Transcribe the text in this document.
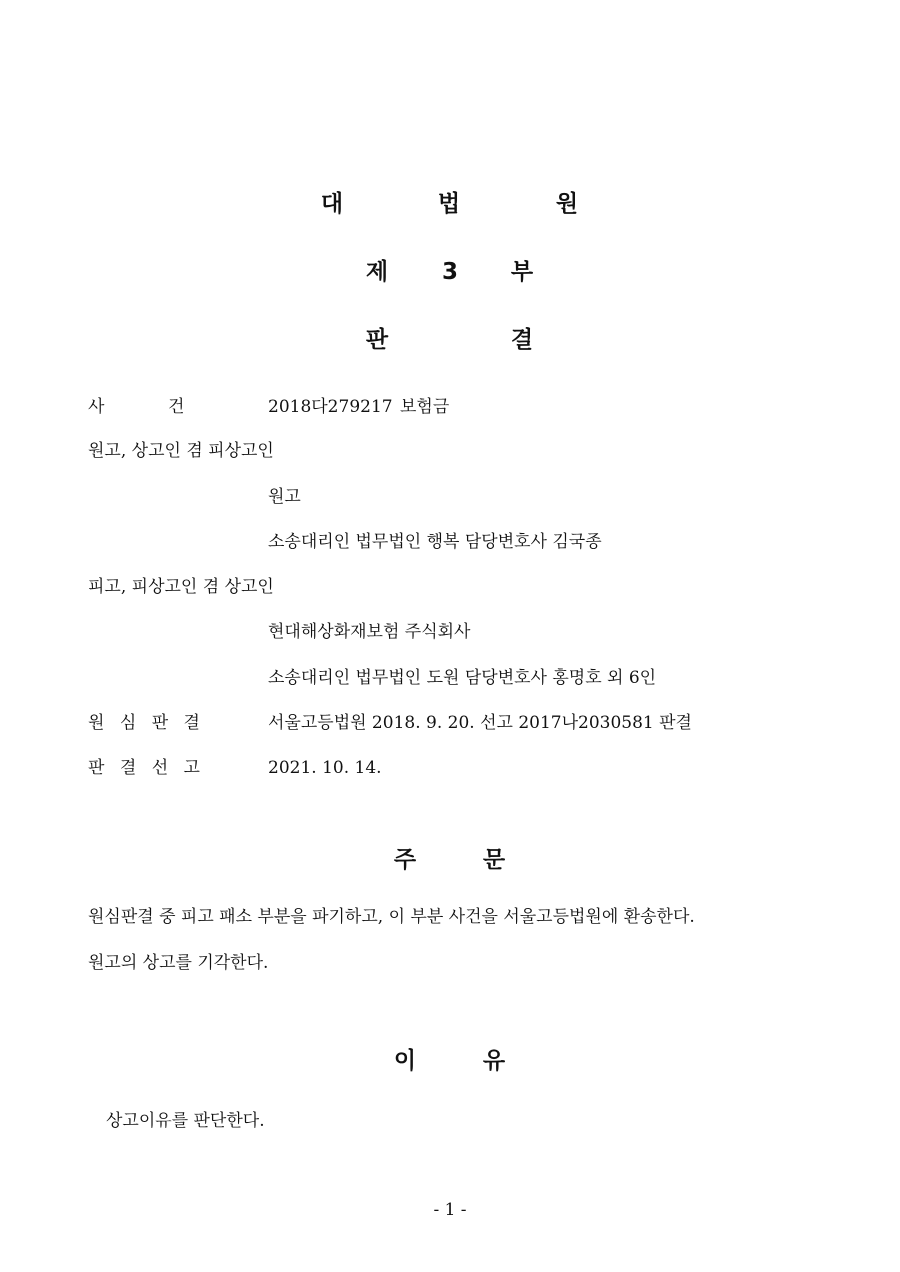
대	법	원
제 3 부
판	결
사	건	2018다279217 보험금
원고, 상고인 겸 피상고인
원고
소송대리인 법무법인 행복 담당변호사 김국종
피고, 피상고인 겸 상고인
현대해상화재보험 주식회사
소송대리인 법무법인 도원 담당변호사 홍명호 외 6인
원 심 판 결	서울고등법원 2018. 9. 20. 선고 2017나2030581 판결
판 결 선 고	2021. 10. 14.
주	문
원심판결 중 피고 패소 부분을 파기하고, 이 부분 사건을 서울고등법원에 환송한다.
원고의 상고를 기각한다.
이	유
상고이유를 판단한다.
- 1 -
